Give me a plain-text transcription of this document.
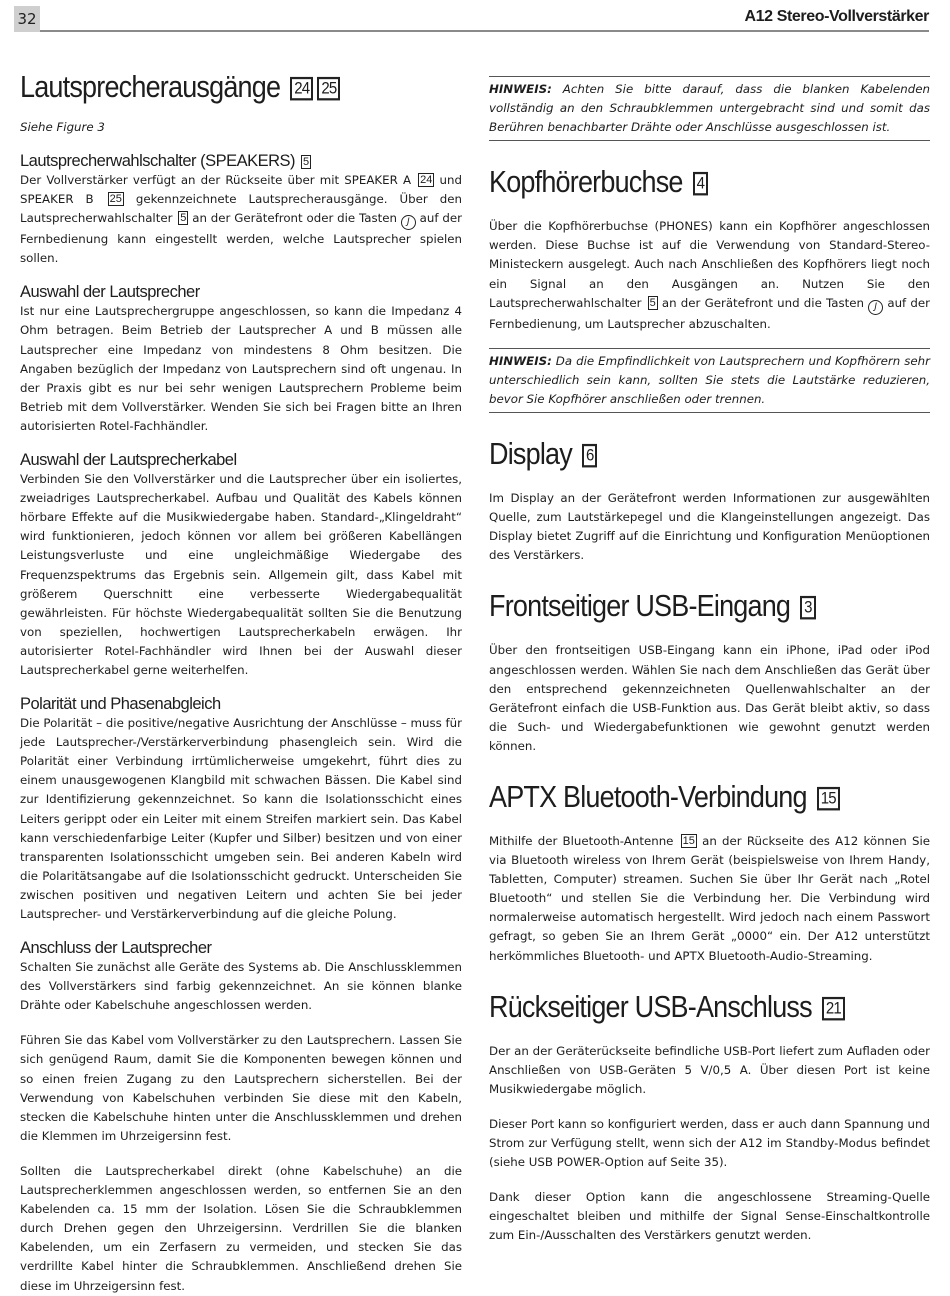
32	A12 Stereo-Vollverstärker
Lautsprecherausgänge 24 25
Siehe Figure 3
Lautsprecherwahlschalter (SPEAKERS) 5

Der Vollverstärker verfügt an der Rückseite über mit SPEAKER A 24 und SPEAKER B 25 gekennzeichnete Lautsprecherausgänge. Über den Lautsprecherwahlschalter 5 an der Gerätefront oder die Tasten J auf der Fernbedienung kann eingestellt werden, welche Lautsprecher spielen sollen.

Auswahl der Lautsprecher

Ist nur eine Lautsprechergruppe angeschlossen, so kann die Impedanz 4 Ohm betragen. Beim Betrieb der Lautsprecher A und B müssen alle Lautsprecher eine Impedanz von mindestens 8 Ohm besitzen. Die Angaben bezüglich der Impedanz von Lautsprechern sind oft ungenau. In der Praxis gibt es nur bei sehr wenigen Lautsprechern Probleme beim Betrieb mit dem Vollverstärker. Wenden Sie sich bei Fragen bitte an Ihren autorisierten Rotel-Fachhändler.

Auswahl der Lautsprecherkabel

Verbinden Sie den Vollverstärker und die Lautsprecher über ein isoliertes, zweiadriges Lautsprecherkabel. Aufbau und Qualität des Kabels können hörbare Effekte auf die Musikwiedergabe haben. Standard-„Klingeldraht“ wird funktionieren, jedoch können vor allem bei größeren Kabellängen Leistungsverluste und eine ungleichmäßige Wiedergabe des Frequenzspektrums das Ergebnis sein. Allgemein gilt, dass Kabel mit größerem Querschnitt eine verbesserte Wiedergabequalität gewährleisten. Für höchste Wiedergabequalität sollten Sie die Benutzung von speziellen, hochwertigen Lautsprecherkabeln erwägen. Ihr autorisierter Rotel-Fachhändler wird Ihnen bei der Auswahl dieser Lautsprecherkabel gerne weiterhelfen.

Polarität und Phasenabgleich

Die Polarität – die positive/negative Ausrichtung der Anschlüsse – muss für jede Lautsprecher-/Verstärkerverbindung phasengleich sein. Wird die Polarität einer Verbindung irrtümlicherweise umgekehrt, führt dies zu einem unausgewogenen Klangbild mit schwachen Bässen. Die Kabel sind zur Identifizierung gekennzeichnet. So kann die Isolationsschicht eines Leiters gerippt oder ein Leiter mit einem Streifen markiert sein. Das Kabel kann verschiedenfarbige Leiter (Kupfer und Silber) besitzen und von einer transparenten Isolationsschicht umgeben sein. Bei anderen Kabeln wird die Polaritätsangabe auf die Isolationsschicht gedruckt. Unterscheiden Sie zwischen positiven und negativen Leitern und achten Sie bei jeder Lautsprecher- und Verstärkerverbindung auf die gleiche Polung.

Anschluss der Lautsprecher

Schalten Sie zunächst alle Geräte des Systems ab. Die Anschlussklemmen des Vollverstärkers sind farbig gekennzeichnet. An sie können blanke Drähte oder Kabelschuhe angeschlossen werden.

Führen Sie das Kabel vom Vollverstärker zu den Lautsprechern. Lassen Sie sich genügend Raum, damit Sie die Komponenten bewegen können und so einen freien Zugang zu den Lautsprechern sicherstellen. Bei der Verwendung von Kabelschuhen verbinden Sie diese mit den Kabeln, stecken die Kabelschuhe hinten unter die Anschlussklemmen und drehen die Klemmen im Uhrzeigersinn fest.

Sollten die Lautsprecherkabel direkt (ohne Kabelschuhe) an die Lautsprecherklemmen angeschlossen werden, so entfernen Sie an den Kabelenden ca. 15 mm der Isolation. Lösen Sie die Schraubklemmen durch Drehen gegen den Uhrzeigersinn. Verdrillen Sie die blanken Kabelenden, um ein Zerfasern zu vermeiden, und stecken Sie das verdrillte Kabel hinter die Schraubklemmen. Anschließend drehen Sie diese im Uhrzeigersinn fest.

HINWEIS: Achten Sie bitte darauf, dass die blanken Kabelenden vollständig an den Schraubklemmen untergebracht sind und somit das Berühren benachbarter Drähte oder Anschlüsse ausgeschlossen ist.

Kopfhörerbuchse 4

Über die Kopfhörerbuchse (PHONES) kann ein Kopfhörer angeschlossen werden. Diese Buchse ist auf die Verwendung von Standard-Stereo-Ministeckern ausgelegt. Auch nach Anschließen des Kopfhörers liegt noch ein Signal an den Ausgängen an. Nutzen Sie den Lautsprecherwahlschalter 5 an der Gerätefront und die Tasten J auf der Fernbedienung, um Lautsprecher abzuschalten.

HINWEIS: Da die Empfindlichkeit von Lautsprechern und Kopfhörern sehr unterschiedlich sein kann, sollten Sie stets die Lautstärke reduzieren, bevor Sie Kopfhörer anschließen oder trennen.

Display 6

Im Display an der Gerätefront werden Informationen zur ausgewählten Quelle, zum Lautstärkepegel und die Klangeinstellungen angezeigt. Das Display bietet Zugriff auf die Einrichtung und Konfiguration Menüoptionen des Verstärkers.

Frontseitiger USB-Eingang 3

Über den frontseitigen USB-Eingang kann ein iPhone, iPad oder iPod angeschlossen werden. Wählen Sie nach dem Anschließen das Gerät über den entsprechend gekennzeichneten Quellenwahlschalter an der Gerätefront einfach die USB-Funktion aus. Das Gerät bleibt aktiv, so dass die Such- und Wiedergabefunktionen wie gewohnt genutzt werden können.

APTX Bluetooth-Verbindung 15

Mithilfe der Bluetooth-Antenne 15 an der Rückseite des A12 können Sie via Bluetooth wireless von Ihrem Gerät (beispielsweise von Ihrem Handy, Tabletten, Computer) streamen. Suchen Sie über Ihr Gerät nach „Rotel Bluetooth“ und stellen Sie die Verbindung her. Die Verbindung wird normalerweise automatisch hergestellt. Wird jedoch nach einem Passwort gefragt, so geben Sie an Ihrem Gerät „0000“ ein. Der A12 unterstützt herkömmliches Bluetooth- und APTX Bluetooth-Audio-Streaming.

Rückseitiger USB-Anschluss 21

Der an der Geräterückseite befindliche USB-Port liefert zum Aufladen oder Anschließen von USB-Geräten 5 V/0,5 A. Über diesen Port ist keine Musikwiedergabe möglich.

Dieser Port kann so konfiguriert werden, dass er auch dann Spannung und Strom zur Verfügung stellt, wenn sich der A12 im Standby-Modus befindet (siehe USB POWER-Option auf Seite 35).

Dank dieser Option kann die angeschlossene Streaming-Quelle eingeschaltet bleiben und mithilfe der Signal Sense-Einschaltkontrolle zum Ein-/Ausschalten des Verstärkers genutzt werden.
